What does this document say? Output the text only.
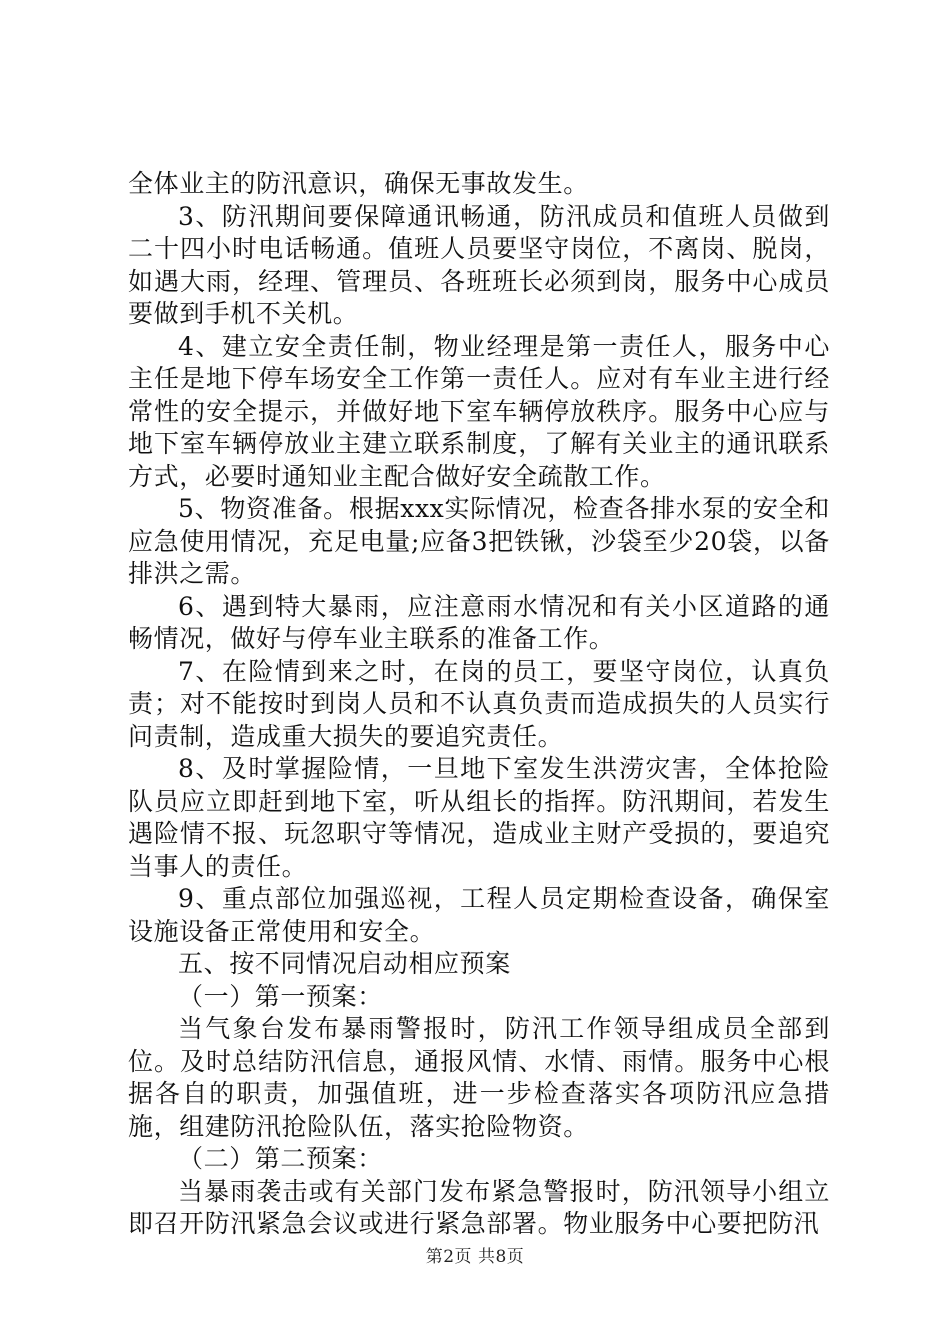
全体业主的防汛意识，确保无事故发生。

3、防汛期间要保障通讯畅通，防汛成员和值班人员做到二十四小时电话畅通。值班人员要坚守岗位，不离岗、脱岗，如遇大雨，经理、管理员、各班班长必须到岗，服务中心成员要做到手机不关机。

4、建立安全责任制，物业经理是第一责任人，服务中心主任是地下停车场安全工作第一责任人。应对有车业主进行经常性的安全提示，并做好地下室车辆停放秩序。服务中心应与地下室车辆停放业主建立联系制度，了解有关业主的通讯联系方式，必要时通知业主配合做好安全疏散工作。

5、物资准备。根据xxx实际情况，检查各排水泵的安全和应急使用情况，充足电量;应备3把铁锹，沙袋至少20袋，以备排洪之需。

6、遇到特大暴雨，应注意雨水情况和有关小区道路的通畅情况，做好与停车业主联系的准备工作。

7、在险情到来之时，在岗的员工，要坚守岗位，认真负责；对不能按时到岗人员和不认真负责而造成损失的人员实行问责制，造成重大损失的要追究责任。

8、及时掌握险情，一旦地下室发生洪涝灾害，全体抢险队员应立即赶到地下室，听从组长的指挥。防汛期间，若发生遇险情不报、玩忽职守等情况，造成业主财产受损的，要追究当事人的责任。

9、重点部位加强巡视，工程人员定期检查设备，确保室设施设备正常使用和安全。

五、按不同情况启动相应预案

（一）第一预案：

当气象台发布暴雨警报时，防汛工作领导组成员全部到位。及时总结防汛信息，通报风情、水情、雨情。服务中心根据各自的职责，加强值班，进一步检查落实各项防汛应急措施，组建防汛抢险队伍，落实抢险物资。

（二）第二预案：

当暴雨袭击或有关部门发布紧急警报时，防汛领导小组立即召开防汛紧急会议或进行紧急部署。物业服务中心要把防汛

第2页 共8页
